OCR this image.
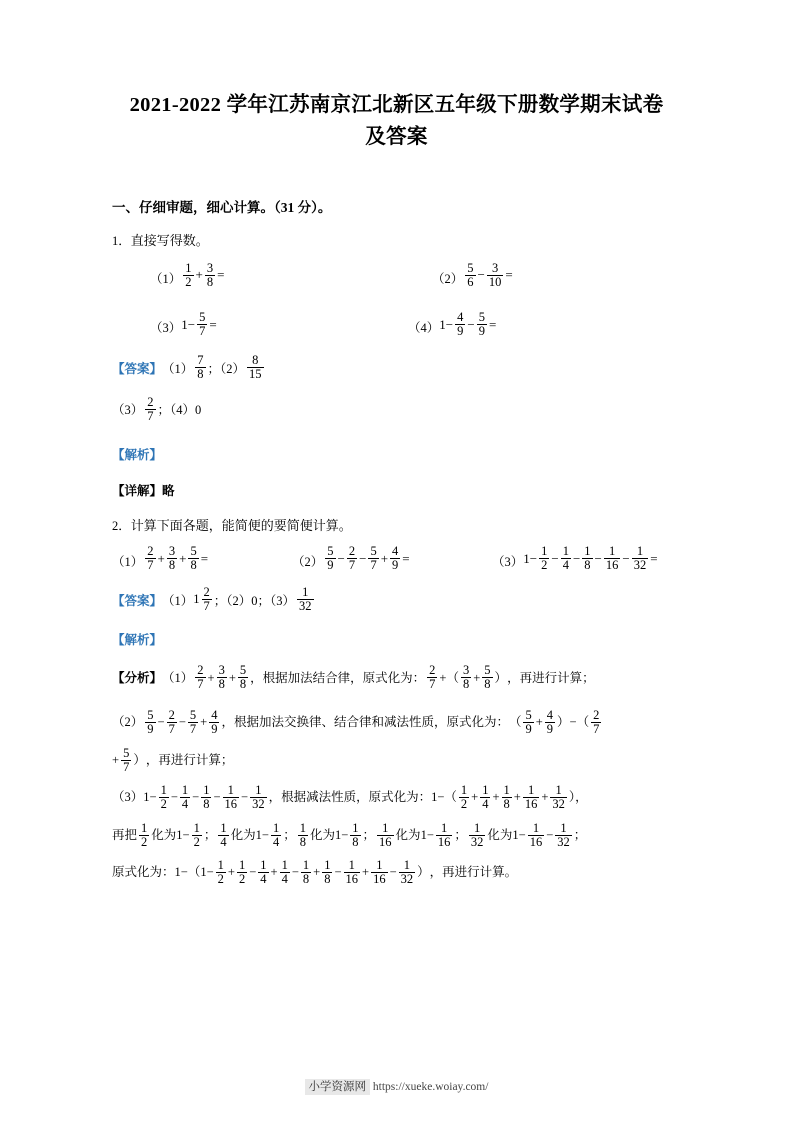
2021-2022 学年江苏南京江北新区五年级下册数学期末试卷
及答案
一、仔细审题，细心计算。（31 分）。
1．直接写得数。
$(1) \frac{1}{2} + \frac{3}{8}$ =	$(2) \frac{5}{6} - \frac{3}{10}$ =
（3） $1- \frac{5}{7}$ =	（4） $1- \frac{4}{9} - \frac{5}{9}$ =
【答案】 $(1) \frac{7}{8}$ ；$(2) \frac{8}{15}$
$(3) \frac{2}{7}$ ；（4）0
【解析】
【详解】略
2．计算下面各题，能简便的要简便计算。
$(1) \frac{2}{7} + \frac{3}{8} + \frac{5}{8}$ =	$(2) \frac{5}{9} - \frac{2}{7} - \frac{5}{7} + \frac{4}{9}$ =	（3） $1- \frac{1}{2} - \frac{1}{4} - \frac{1}{8} - \frac{1}{16} - \frac{1}{32}$ =
【答案】 （1） $1 \frac{2}{7}$ ；（2）0；$(3) \frac{1}{32}$
【解析】
【分析】 $(1) \frac{2}{7} + \frac{3}{8} + \frac{5}{8}$ ，根据加法结合律，原式化为： $\frac{2}{7}$ +（ $\frac{3}{8} + \frac{5}{8}$ ） ，再进行计算；
$(2) \frac{5}{9} - \frac{2}{7} - \frac{5}{7} + \frac{4}{9}$ ，根据加法交换律、结合律和减法性质，原式化为： （ $\frac{5}{9} + \frac{4}{9}$ ）−（ $\frac{2}{7}$
+ $\frac{5}{7}$ ） ，再进行计算；
（3） $1- \frac{1}{2} - \frac{1}{4} - \frac{1}{8} - \frac{1}{16} - \frac{1}{32}$ ，根据减法性质，原式化为： $1-( \frac{1}{2} + \frac{1}{4} + \frac{1}{8} + \frac{1}{16} + \frac{1}{32}$ ），
再把 $\frac{1}{2}$ 化为 $1- \frac{1}{2}$ ； $\frac{1}{4}$ 化为 $1- \frac{1}{4}$ ； $\frac{1}{8}$ 化为 $1- \frac{1}{8}$ ； $\frac{1}{16}$ 化为 $1- \frac{1}{16}$ ； $\frac{1}{32}$ 化为 $1- \frac{1}{16} - \frac{1}{32}$ ；
原式化为： $1-(1- \frac{1}{2} + \frac{1}{2} - \frac{1}{4} + \frac{1}{4} - \frac{1}{8} + \frac{1}{8} - \frac{1}{16} + \frac{1}{16} - \frac{1}{32}$ ） ，再进行计算。
小学资源网 https://xueke.woiay.com/
